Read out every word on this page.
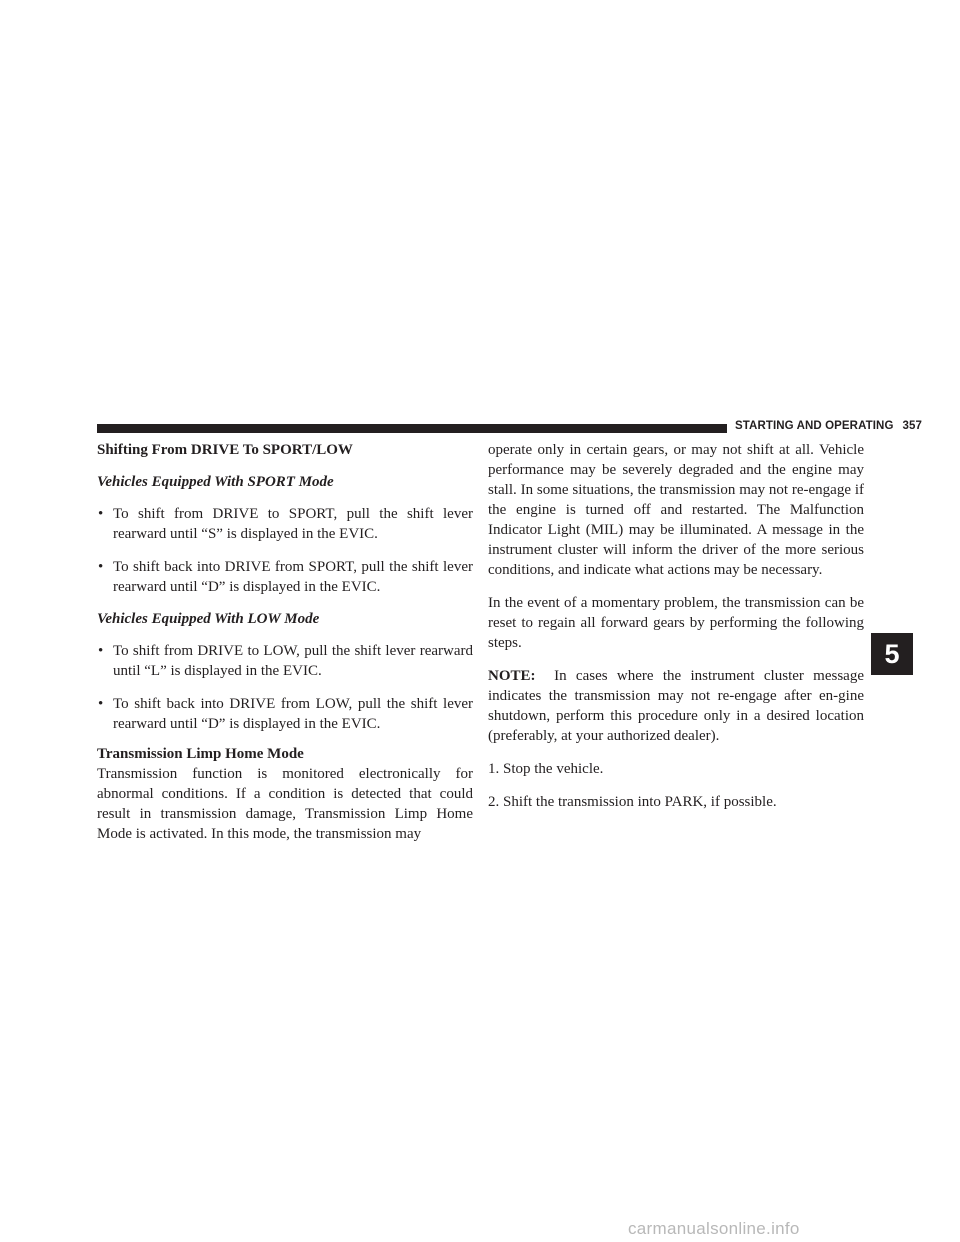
STARTING AND OPERATING 357

Shifting From DRIVE To SPORT/LOW

Vehicles Equipped With SPORT Mode

• To shift from DRIVE to SPORT, pull the shift lever rearward until “S” is displayed in the EVIC.
• To shift back into DRIVE from SPORT, pull the shift lever rearward until “D” is displayed in the EVIC.

Vehicles Equipped With LOW Mode

• To shift from DRIVE to LOW, pull the shift lever rearward until “L” is displayed in the EVIC.
• To shift back into DRIVE from LOW, pull the shift lever rearward until “D” is displayed in the EVIC.

Transmission Limp Home Mode

Transmission function is monitored electronically for abnormal conditions. If a condition is detected that could result in transmission damage, Transmission Limp Home Mode is activated. In this mode, the transmission may

operate only in certain gears, or may not shift at all. Vehicle performance may be severely degraded and the engine may stall. In some situations, the transmission may not re-engage if the engine is turned off and restarted. The Malfunction Indicator Light (MIL) may be illuminated. A message in the instrument cluster will inform the driver of the more serious conditions, and indicate what actions may be necessary.

In the event of a momentary problem, the transmission can be reset to regain all forward gears by performing the following steps.

NOTE: In cases where the instrument cluster message indicates the transmission may not re-engage after en-gine shutdown, perform this procedure only in a desired location (preferably, at your authorized dealer).

1. Stop the vehicle.

2. Shift the transmission into PARK, if possible.

5
carmanualsonline.info
